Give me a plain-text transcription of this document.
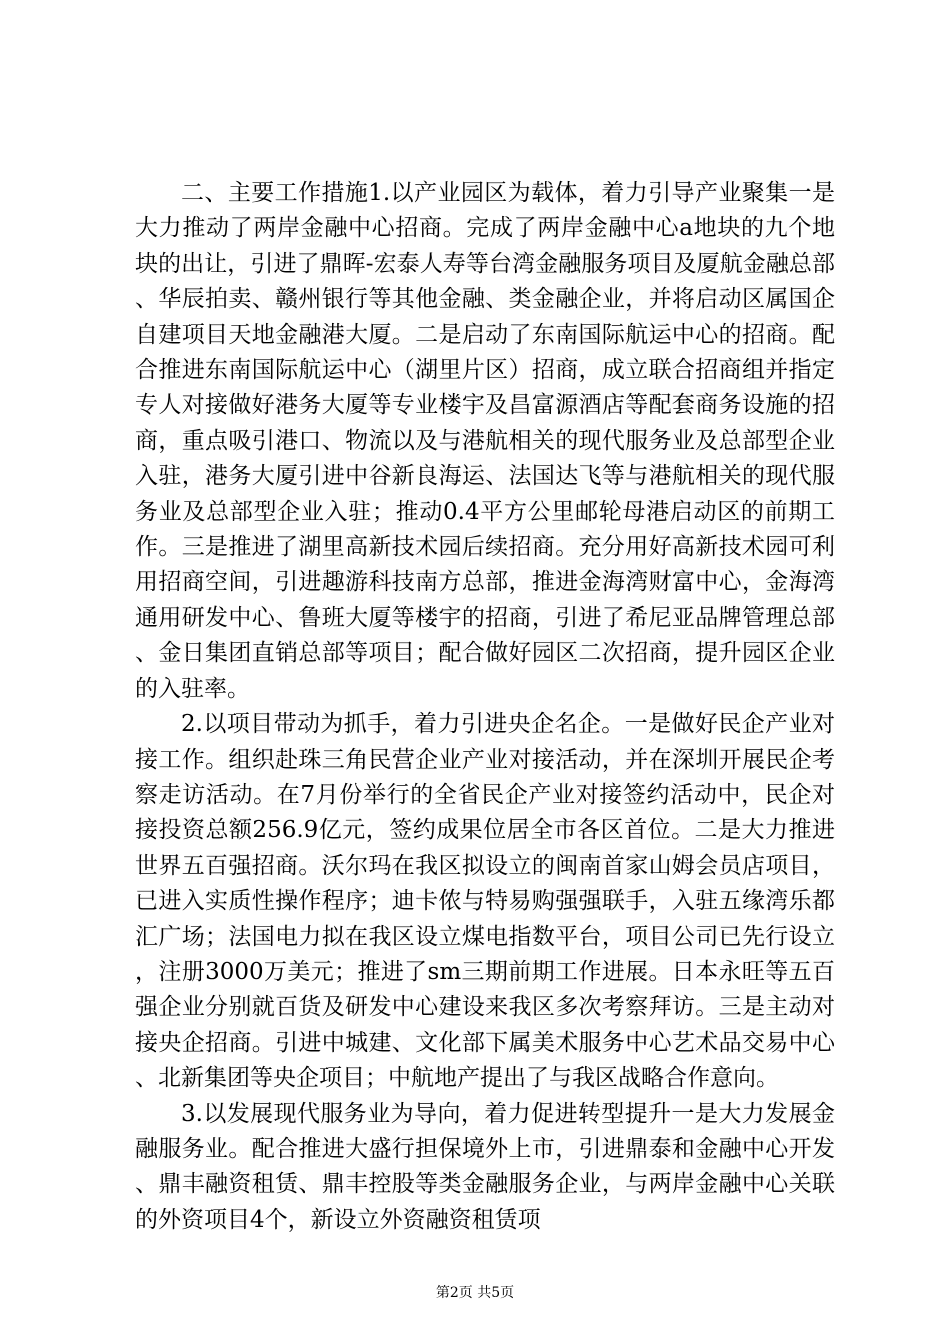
二、主要工作措施1.以产业园区为载体，着力引导产业聚集一是大力推动了两岸金融中心招商。完成了两岸金融中心a地块的九个地块的出让，引进了鼎晖-宏泰人寿等台湾金融服务项目及厦航金融总部、华辰拍卖、赣州银行等其他金融、类金融企业，并将启动区属国企自建项目天地金融港大厦。二是启动了东南国际航运中心的招商。配合推进东南国际航运中心（湖里片区）招商，成立联合招商组并指定专人对接做好港务大厦等专业楼宇及昌富源酒店等配套商务设施的招商，重点吸引港口、物流以及与港航相关的现代服务业及总部型企业入驻，港务大厦引进中谷新良海运、法国达飞等与港航相关的现代服务业及总部型企业入驻；推动0.4平方公里邮轮母港启动区的前期工作。三是推进了湖里高新技术园后续招商。充分用好高新技术园可利用招商空间，引进趣游科技南方总部，推进金海湾财富中心，金海湾通用研发中心、鲁班大厦等楼宇的招商，引进了希尼亚品牌管理总部、金日集团直销总部等项目；配合做好园区二次招商，提升园区企业的入驻率。

2.以项目带动为抓手，着力引进央企名企。一是做好民企产业对接工作。组织赴珠三角民营企业产业对接活动，并在深圳开展民企考察走访活动。在7月份举行的全省民企产业对接签约活动中，民企对接投资总额256.9亿元，签约成果位居全市各区首位。二是大力推进世界五百强招商。沃尔玛在我区拟设立的闽南首家山姆会员店项目，已进入实质性操作程序；迪卡侬与特易购强强联手，入驻五缘湾乐都汇广场；法国电力拟在我区设立煤电指数平台，项目公司已先行设立，注册3000万美元；推进了sm三期前期工作进展。日本永旺等五百强企业分别就百货及研发中心建设来我区多次考察拜访。三是主动对接央企招商。引进中城建、文化部下属美术服务中心艺术品交易中心、北新集团等央企项目；中航地产提出了与我区战略合作意向。

3.以发展现代服务业为导向，着力促进转型提升一是大力发展金融服务业。配合推进大盛行担保境外上市，引进鼎泰和金融中心开发、鼎丰融资租赁、鼎丰控股等类金融服务企业，与两岸金融中心关联的外资项目4个，新设立外资融资租赁项

第2页 共5页
